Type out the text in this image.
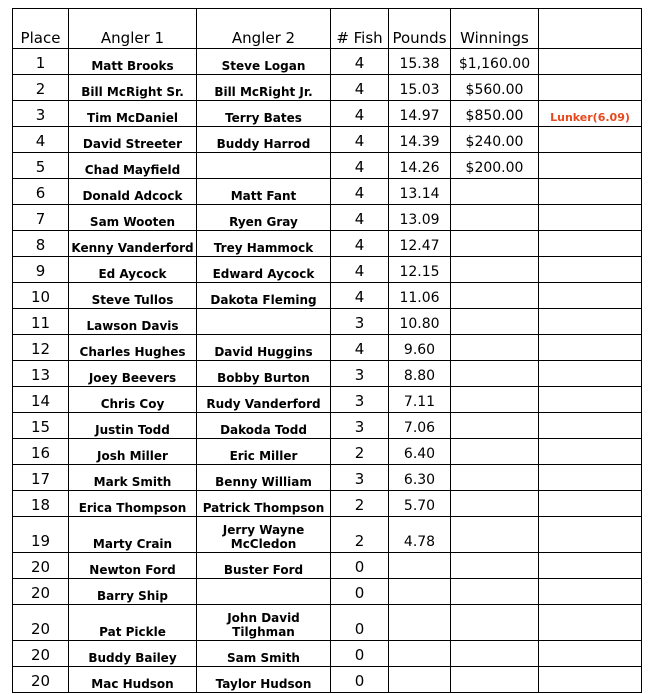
Place	Angler 1	Angler 2	# Fish	Pounds	Winnings	
1	Matt Brooks	Steve Logan	4	15.38	$1,160.00	
2	Bill McRight Sr.	Bill McRight Jr.	4	15.03	$560.00	
3	Tim McDaniel	Terry Bates	4	14.97	$850.00	Lunker(6.09)
4	David Streeter	Buddy Harrod	4	14.39	$240.00	
5	Chad Mayfield		4	14.26	$200.00	
6	Donald Adcock	Matt Fant	4	13.14		
7	Sam Wooten	Ryen Gray	4	13.09		
8	Kenny Vanderford	Trey Hammock	4	12.47		
9	Ed Aycock	Edward Aycock	4	12.15		
10	Steve Tullos	Dakota Fleming	4	11.06		
11	Lawson Davis		3	10.80		
12	Charles Hughes	David Huggins	4	9.60		
13	Joey Beevers	Bobby Burton	3	8.80		
14	Chris Coy	Rudy Vanderford	3	7.11		
15	Justin Todd	Dakoda Todd	3	7.06		
16	Josh Miller	Eric Miller	2	6.40		
17	Mark Smith	Benny William	3	6.30		
18	Erica Thompson	Patrick Thompson	2	5.70		
19	Marty Crain	Jerry Wayne McCledon	2	4.78		
20	Newton Ford	Buster Ford	0			
20	Barry Ship		0			
20	Pat Pickle	John David Tilghman	0			
20	Buddy Bailey	Sam Smith	0			
20	Mac Hudson	Taylor Hudson	0			
